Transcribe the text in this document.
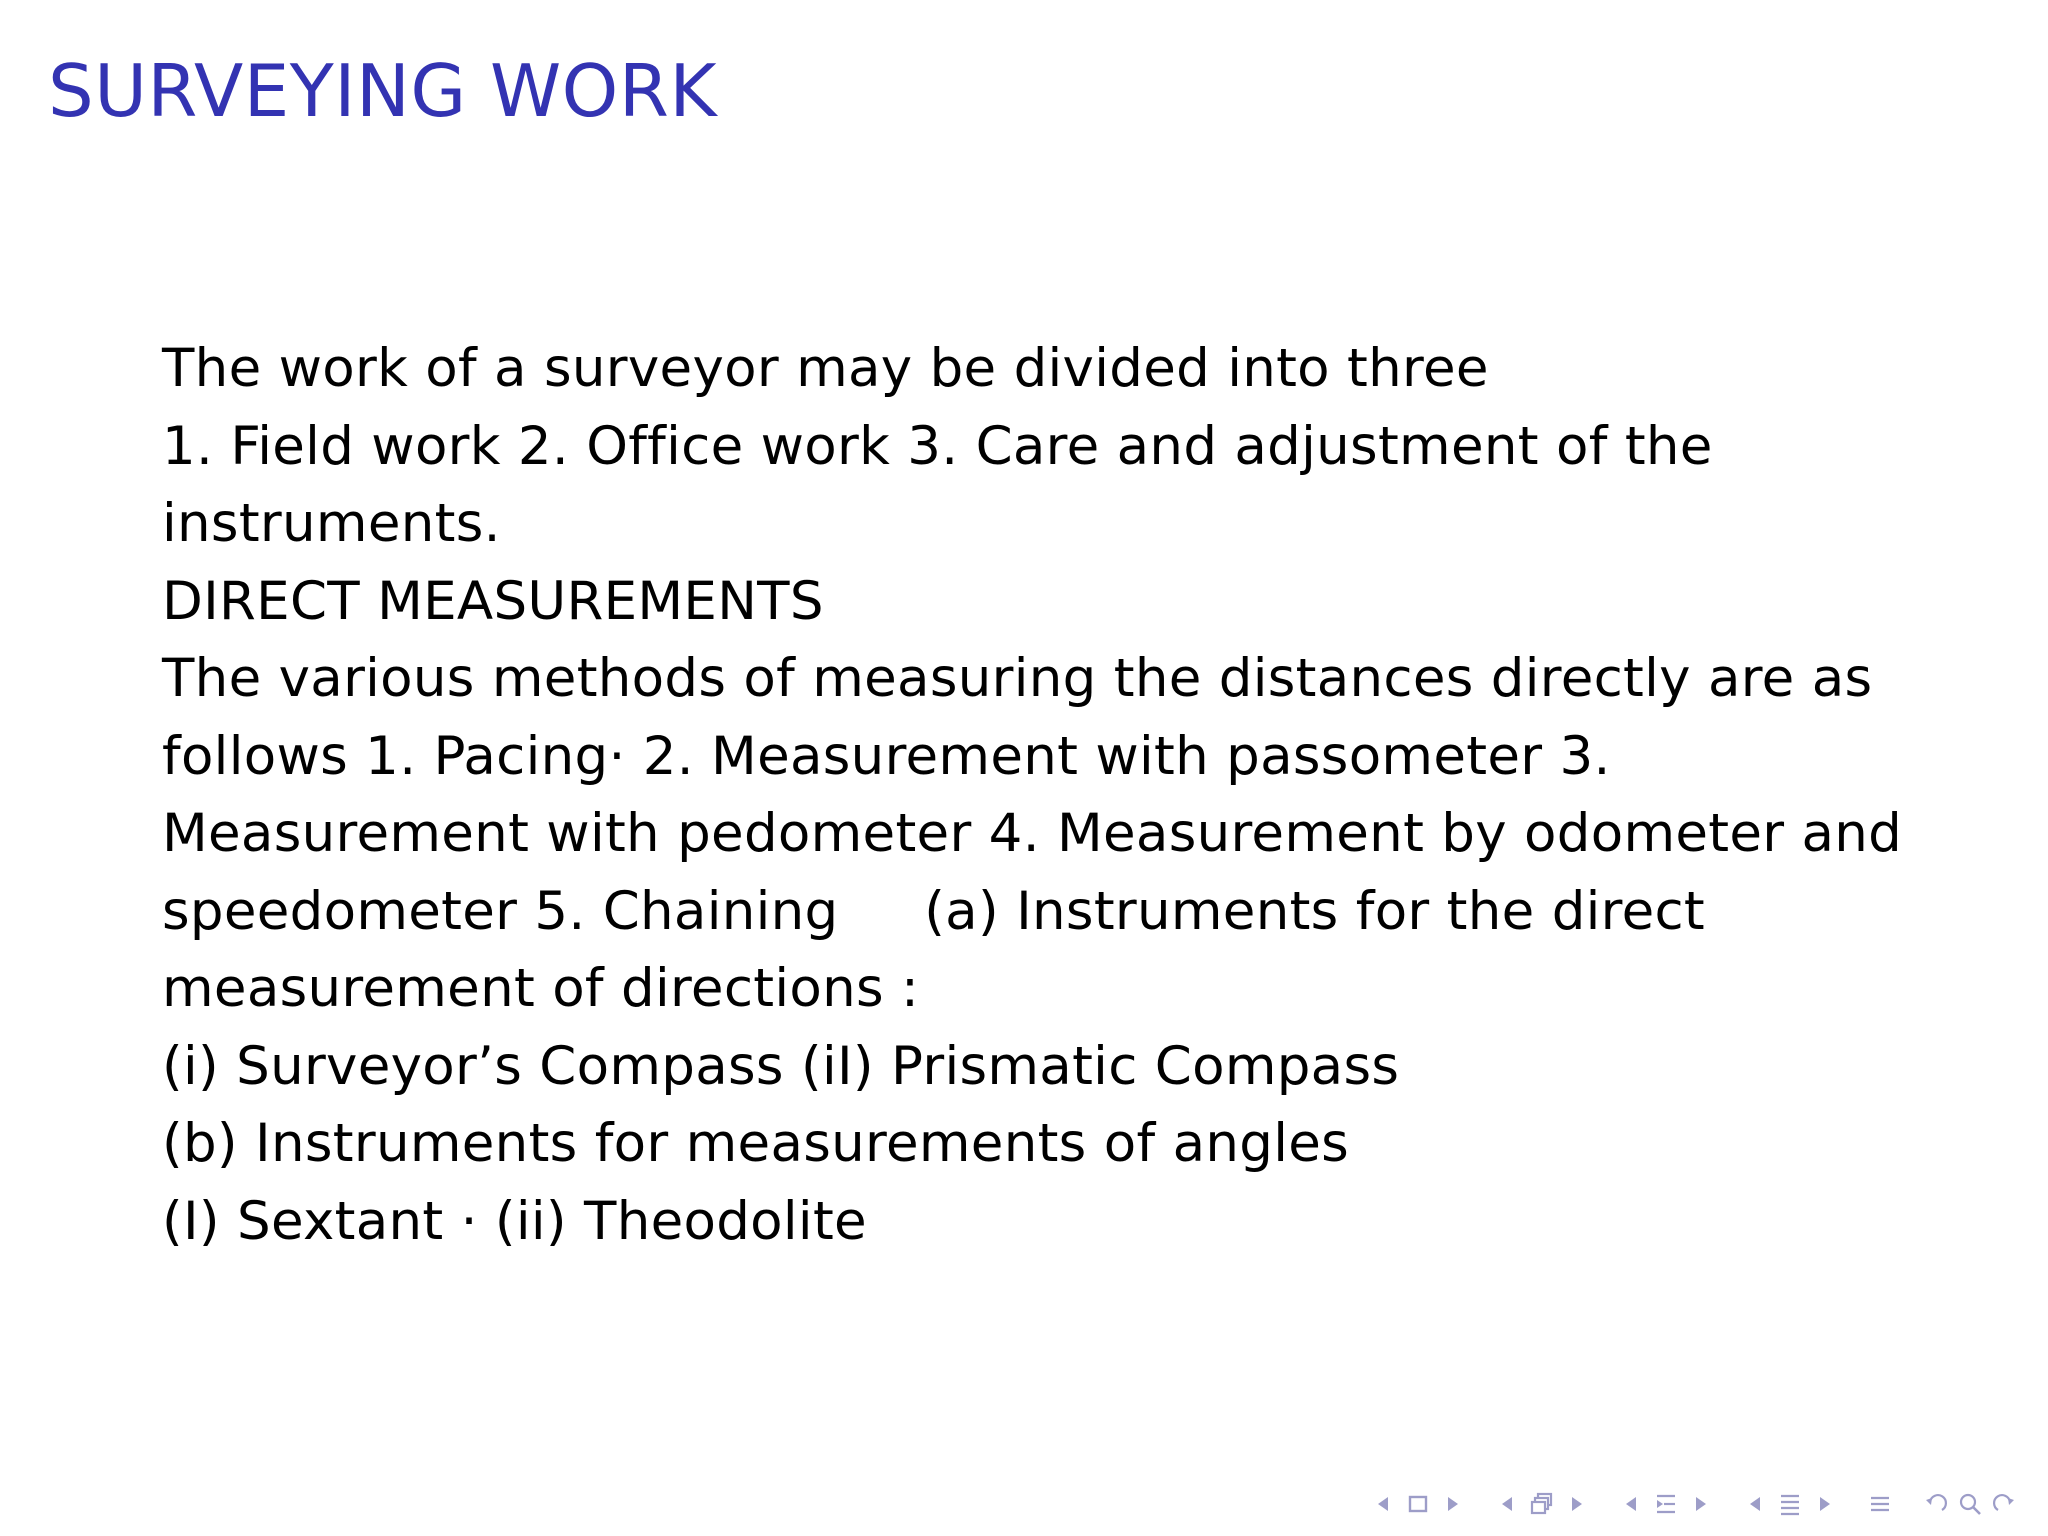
SURVEYING WORK
The work of a surveyor may be divided into three
1. Field work 2. Office work 3. Care and adjustment of the
instruments.
DIRECT MEASUREMENTS
The various methods of measuring the distances directly are as
follows 1. Pacing· 2. Measurement with passometer 3.
Measurement with pedometer 4. Measurement by odometer and
speedometer 5. Chaining     (a) Instruments for the direct
measurement of directions :
(i) Surveyor’s Compass (iI) Prismatic Compass
(b) Instruments for measurements of angles
(I) Sextant · (ii) Theodolite
